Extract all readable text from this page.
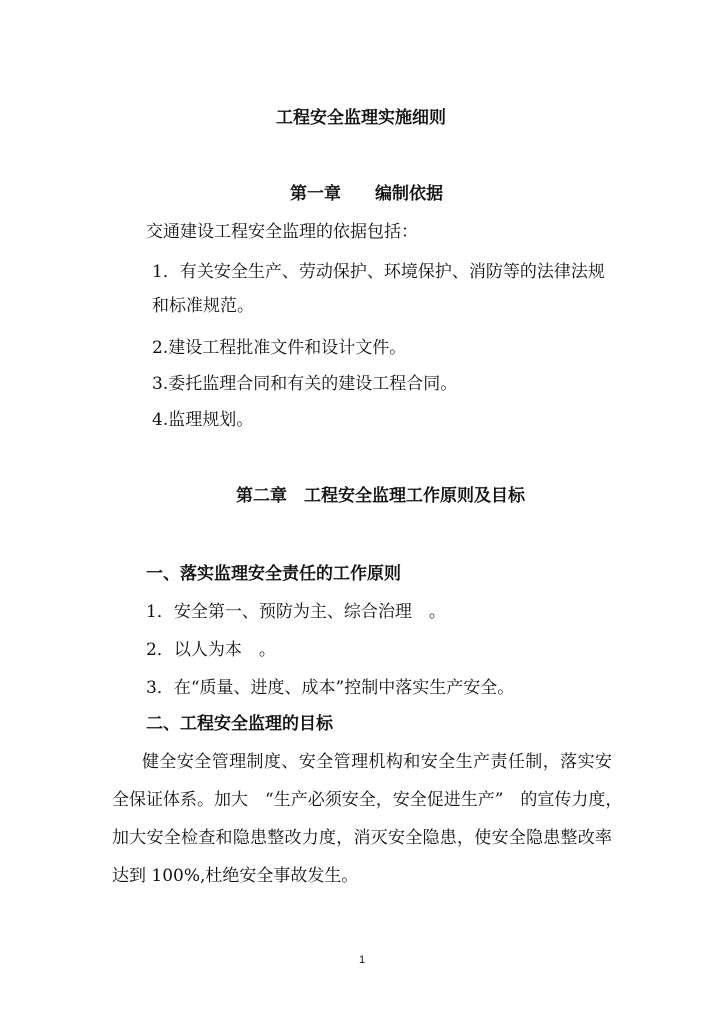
工程安全监理实施细则
第一章　　编制依据
交通建设工程安全监理的依据包括：
1．有关安全生产、劳动保护、环境保护、消防等的法律法规
和标准规范。
2.建设工程批准文件和设计文件。
3.委托监理合同和有关的建设工程合同。
4.监理规划。
第二章　工程安全监理工作原则及目标
一、落实监理安全责任的工作原则
1．安全第一、预防为主、综合治理　。
2．以人为本　。
3．在“质量、进度、成本”控制中落实生产安全。
二、工程安全监理的目标
健全安全管理制度、安全管理机构和安全生产责任制，落实安
全保证体系。加大　“生产必须安全，安全促进生产”　的宣传力度，
加大安全检查和隐患整改力度，消灭安全隐患，使安全隐患整改率
达到 100%,杜绝安全事故发生。
1
